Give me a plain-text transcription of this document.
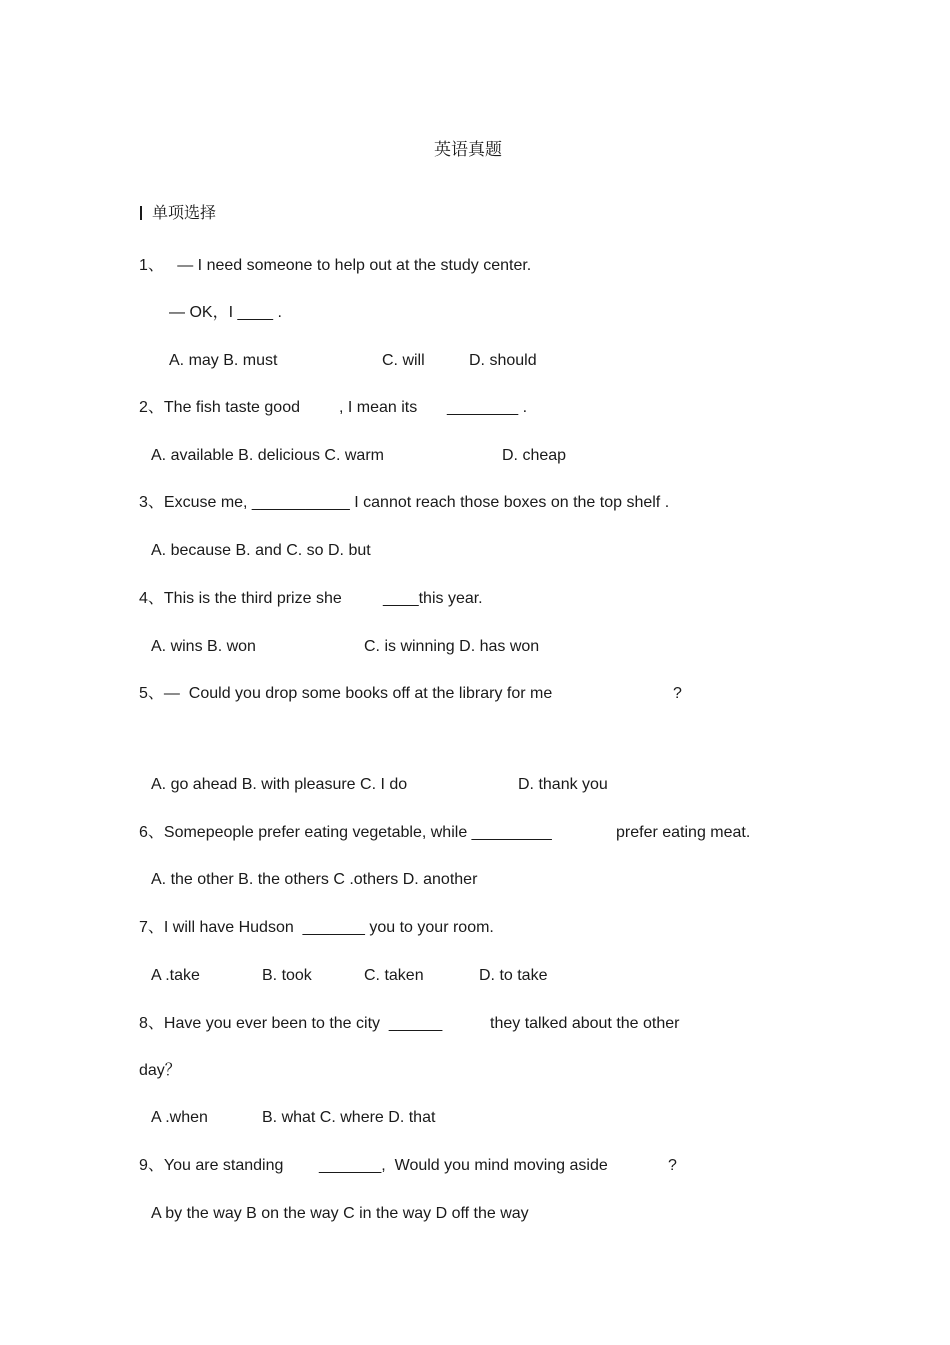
英语真题
单项选择
1、   — I need someone to help out at the study center.
— OK，I ____ .
A. may B. must	C. will	D. should
2、The fish taste good , I mean its ________ .
A. available B. delicious C. warm	D. cheap
3、Excuse me, ___________ I cannot reach those boxes on the top shelf .
A. because B. and C. so D. but
4、This is the third prize she	____this year.
A. wins B. won	C. is winning D. has won
5、—  Could you drop some books off at the library for me	?
A. go ahead B. with pleasure C. I do	D. thank you
6、Somepeople prefer eating vegetable, while _________	prefer eating meat.
A. the other B. the others C .others D. another
7、I will have Hudson  _______ you to your room.
A .take	B. took	C. taken	D. to take
8、Have you ever been to the city  ______	they talked about the other
day？
A .when	B. what C. where D. that
9、You are standing _______,  Would you mind moving aside	?
A by the way B on the way C in the way D off the way
